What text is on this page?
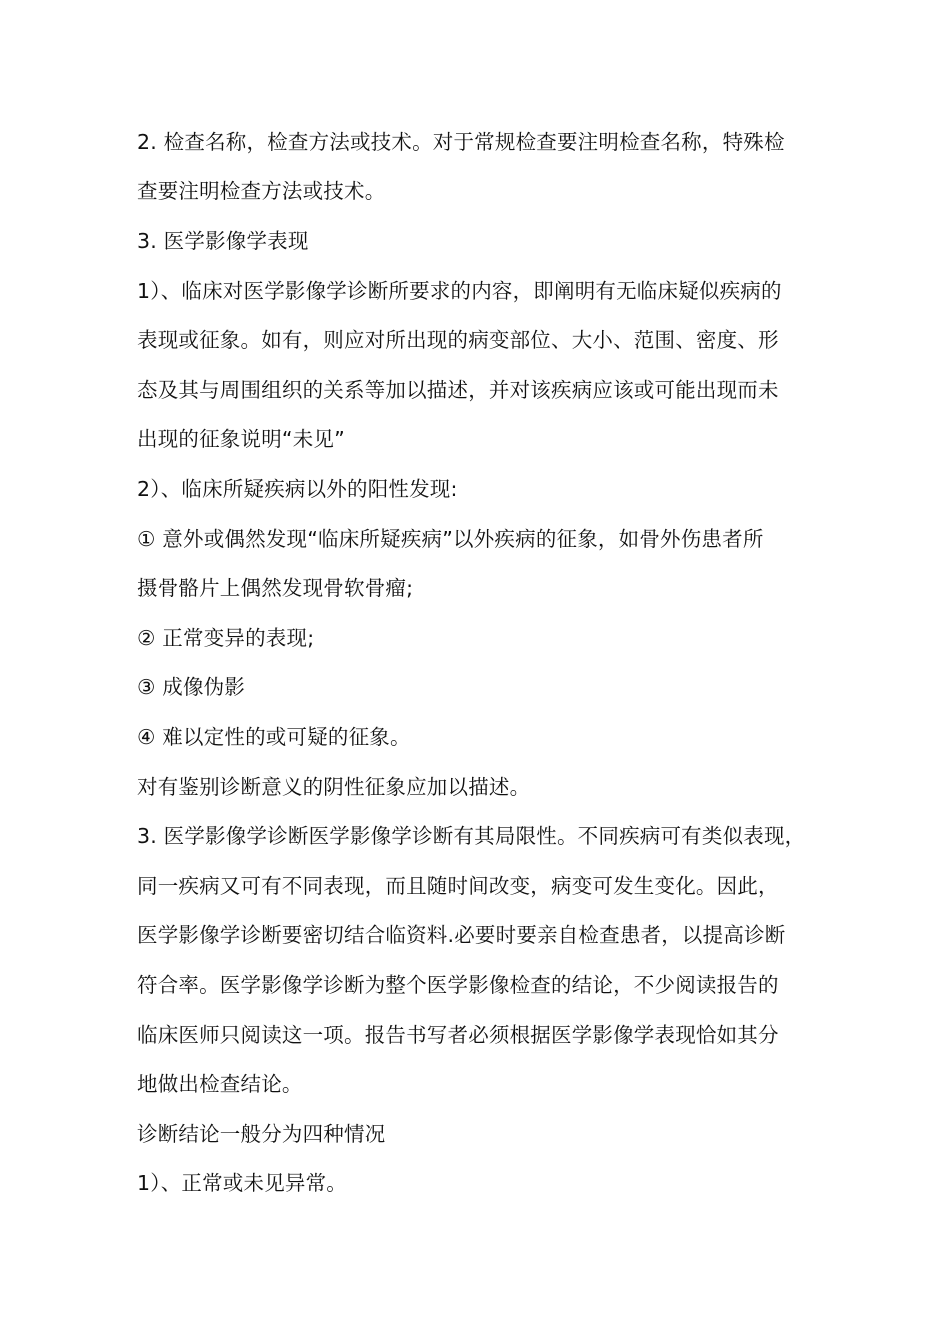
2. 检查名称，检查方法或技术。对于常规检查要注明检查名称，特殊检
查要注明检查方法或技术。
3. 医学影像学表现
1）、临床对医学影像学诊断所要求的内容，即阐明有无临床疑似疾病的
表现或征象。如有，则应对所出现的病变部位、大小、范围、密度、形
态及其与周围组织的关系等加以描述，并对该疾病应该或可能出现而未
出现的征象说明“未见”
2）、临床所疑疾病以外的阳性发现:
① 意外或偶然发现“临床所疑疾病”以外疾病的征象，如骨外伤患者所
摄骨骼片上偶然发现骨软骨瘤;
② 正常变异的表现;
③ 成像伪影
④ 难以定性的或可疑的征象。
对有鉴别诊断意义的阴性征象应加以描述。
3. 医学影像学诊断医学影像学诊断有其局限性。不同疾病可有类似表现，
同一疾病又可有不同表现，而且随时间改变，病变可发生变化。因此，
医学影像学诊断要密切结合临资料.必要时要亲自检查患者，以提高诊断
符合率。医学影像学诊断为整个医学影像检查的结论，不少阅读报告的
临床医师只阅读这一项。报告书写者必须根据医学影像学表现恰如其分
地做出检查结论。
诊断结论一般分为四种情况
1）、正常或未见异常。
